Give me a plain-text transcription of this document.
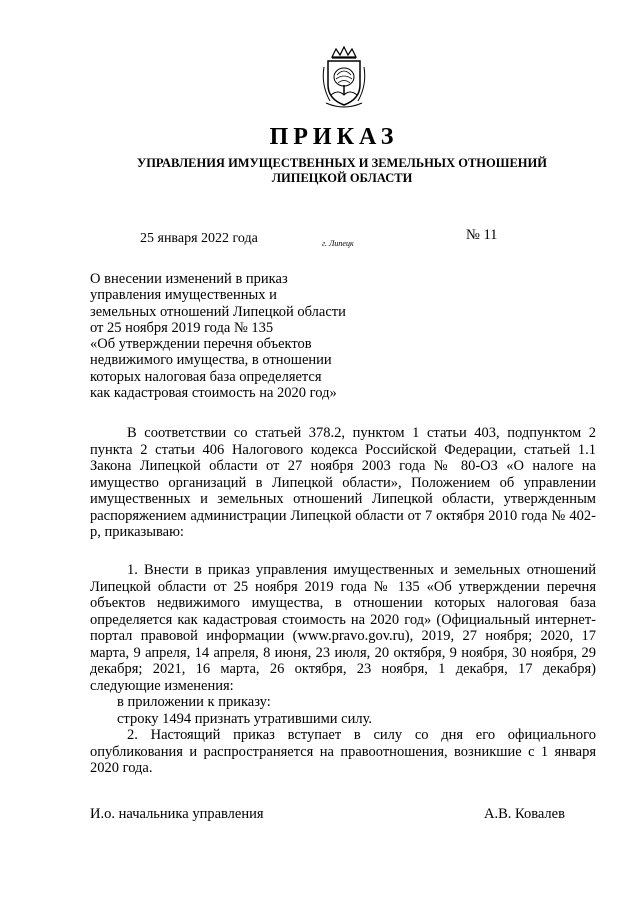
ПРИКАЗ
УПРАВЛЕНИЯ ИМУЩЕСТВЕННЫХ И ЗЕМЕЛЬНЫХ ОТНОШЕНИЙ
ЛИПЕЦКОЙ ОБЛАСТИ
25 января 2022 года	г. Липецк
№ 11
О внесении изменений в приказ
управления имущественных и
земельных отношений Липецкой области
от 25 ноября 2019 года № 135
«Об утверждении перечня объектов
недвижимого имущества, в отношении
которых налоговая база определяется
как кадастровая стоимость на 2020 год»
В соответствии со статьей 378.2, пунктом 1 статьи 403, подпунктом 2 пункта 2 статьи 406 Налогового кодекса Российской Федерации, статьей 1.1 Закона Липецкой области от 27 ноября 2003 года № 80-ОЗ «О налоге на имущество организаций в Липецкой области», Положением об управлении имущественных и земельных отношений Липецкой области, утвержденным распоряжением администрации Липецкой области от 7 октября 2010 года № 402-р, приказываю:
1. Внести в приказ управления имущественных и земельных отношений Липецкой области от 25 ноября 2019 года № 135 «Об утверждении перечня объектов недвижимого имущества, в отношении которых налоговая база определяется как кадастровая стоимость на 2020 год» (Официальный интернет-портал правовой информации (www.pravo.gov.ru), 2019, 27 ноября; 2020, 17 марта, 9 апреля, 14 апреля, 8 июня, 23 июля, 20 октября, 9 ноября, 30 ноября, 29 декабря; 2021, 16 марта, 26 октября, 23 ноября, 1 декабря, 17 декабря) следующие изменения:
в приложении к приказу:
строку 1494 признать утратившими силу.
2. Настоящий приказ вступает в силу со дня его официального опубликования и распространяется на правоотношения, возникшие с 1 января 2020 года.
И.о. начальника управления	А.В. Ковалев
